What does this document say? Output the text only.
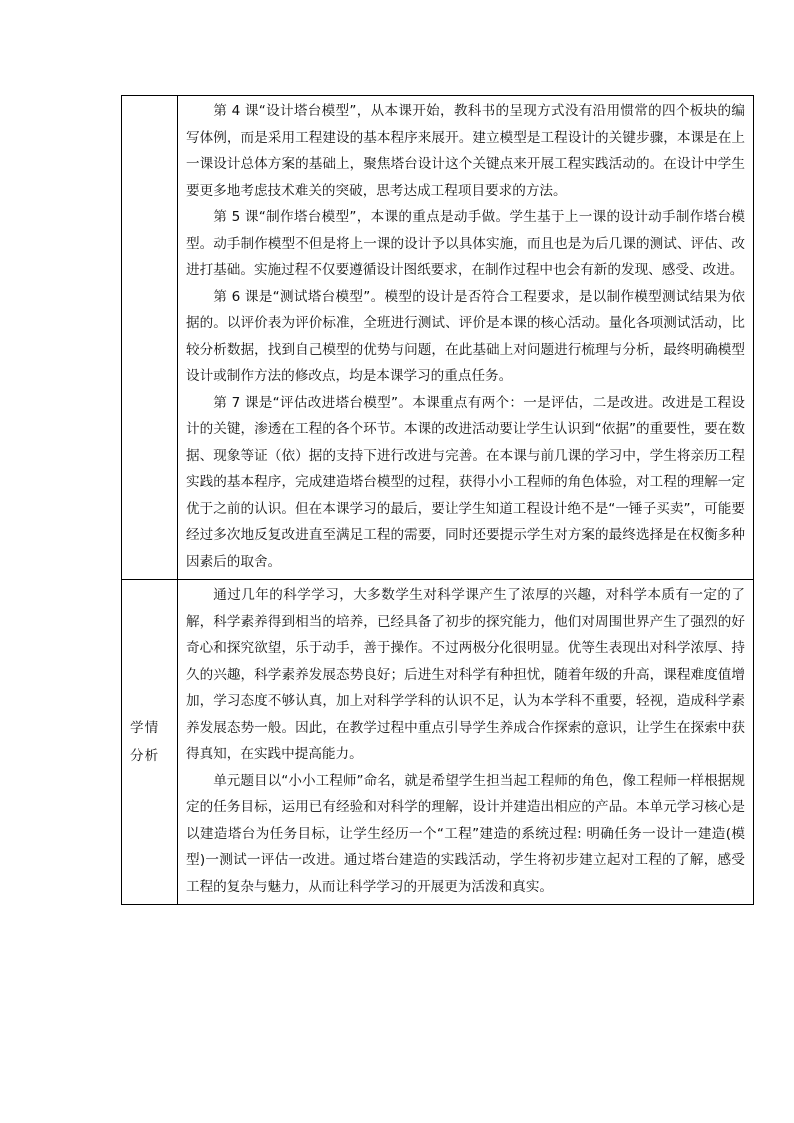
	第 4 课“设计塔台模型”，从本课开始，教科书的呈现方式没有沿用惯常的四个板块的编写体例，而是采用工程建设的基本程序来展开。建立模型是工程设计的关键步骤，本课是在上一课设计总体方案的基础上，聚焦塔台设计这个关键点来开展工程实践活动的。在设计中学生要更多地考虑技术难关的突破，思考达成工程项目要求的方法。

第 5 课“制作塔台模型”，本课的重点是动手做。学生基于上一课的设计动手制作塔台模型。动手制作模型不但是将上一课的设计予以具体实施，而且也是为后几课的测试、评估、改进打基础。实施过程不仅要遵循设计图纸要求，在制作过程中也会有新的发现、感受、改进。

第 6 课是“测试塔台模型”。模型的设计是否符合工程要求，是以制作模型测试结果为依据的。以评价表为评价标准，全班进行测试、评价是本课的核心活动。量化各项测试活动，比较分析数据，找到自己模型的优势与问题，在此基础上对问题进行梳理与分析，最终明确模型设计或制作方法的修改点，均是本课学习的重点任务。

第 7 课是“评估改进塔台模型”。本课重点有两个：一是评估，二是改进。改进是工程设计的关键，渗透在工程的各个环节。本课的改进活动要让学生认识到“依据”的重要性，要在数据、现象等证（依）据的支持下进行改进与完善。在本课与前几课的学习中，学生将亲历工程实践的基本程序，完成建造塔台模型的过程，获得小小工程师的角色体验，对工程的理解一定优于之前的认识。但在本课学习的最后，要让学生知道工程设计绝不是“一锤子买卖”，可能要经过多次地反复改进直至满足工程的需要，同时还要提示学生对方案的最终选择是在权衡多种因素后的取舍。

学情分析	通过几年的科学学习，大多数学生对科学课产生了浓厚的兴趣，对科学本质有一定的了解，科学素养得到相当的培养，已经具备了初步的探究能力，他们对周围世界产生了强烈的好奇心和探究欲望，乐于动手，善于操作。不过两极分化很明显。优等生表现出对科学浓厚、持久的兴趣，科学素养发展态势良好；后进生对科学有种担忧，随着年级的升高，课程难度值增加，学习态度不够认真，加上对科学学科的认识不足，认为本学科不重要，轻视，造成科学素养发展态势一般。因此，在教学过程中重点引导学生养成合作探索的意识，让学生在探索中获得真知，在实践中提高能力。

单元题目以“小小工程师”命名，就是希望学生担当起工程师的角色，像工程师一样根据规定的任务目标，运用已有经验和对科学的理解，设计并建造出相应的产品。本单元学习核心是以建造塔台为任务目标，让学生经历一个“工程”建造的系统过程: 明确任务一设计一建造(模型)一测试一评估一改进。通过塔台建造的实践活动，学生将初步建立起对工程的了解，感受工程的复杂与魅力，从而让科学学习的开展更为活泼和真实。
